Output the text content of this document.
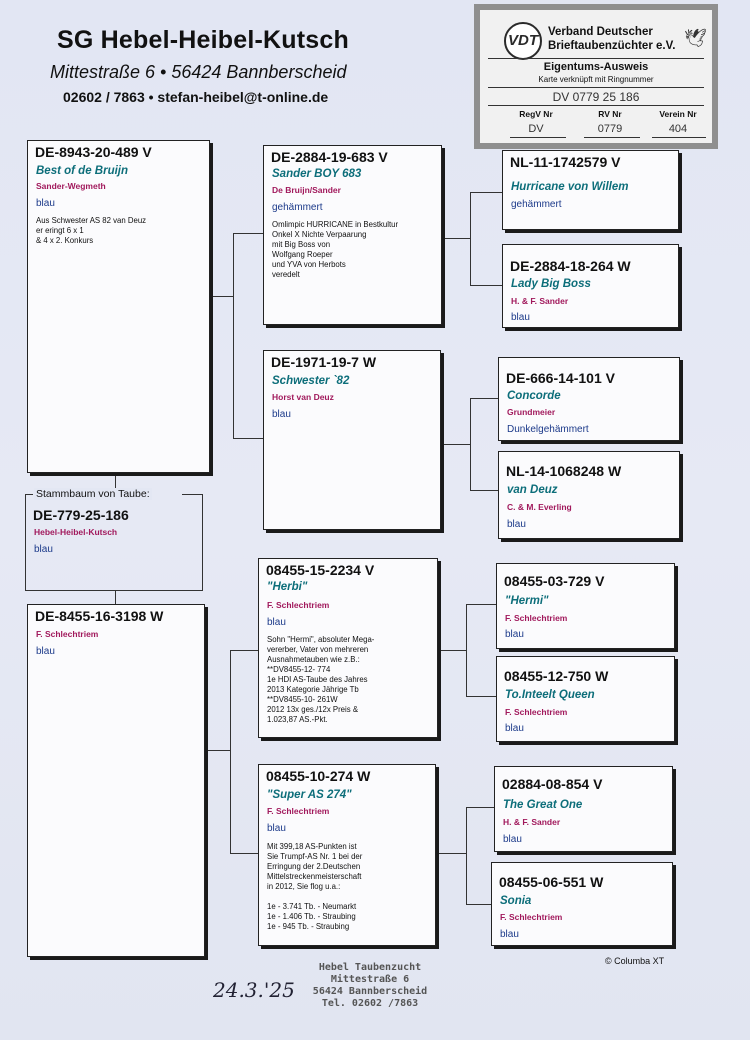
SG Hebel-Heibel-Kutsch
Mittestraße 6 • 56424 Bannberscheid
02602 / 7863 • stefan-heibel@t-online.de
VDT Verband Deutscher
Brieftaubenzüchter e.V. 🕊
Eigentums-Ausweis
Karte verknüpft mit Ringnummer
DV 0779 25 186
RegV Nr	RV Nr	Verein Nr
DV	0779	404
Stammbaum von Taube:
DE-779-25-186
Hebel-Heibel-Kutsch
blau
DE-8943-20-489 V
Best of de Bruijn
Sander-Wegmeth
blau
Aus Schwester AS 82 van Deuz
er eringt 6 x 1
& 4 x 2. Konkurs
DE-8455-16-3198 W
F. Schlechtriem
blau
DE-2884-19-683 V
Sander BOY 683
De Bruijn/Sander
gehämmert
Omlimpic HURRICANE in Bestkultur
Onkel X Nichte Verpaarung
mit Big Boss von
Wolfgang Roeper
und YVA von Herbots
veredelt
DE-1971-19-7 W
Schwester `82
Horst van Deuz
blau
08455-15-2234 V
"Herbi"
F. Schlechtriem
blau
Sohn "Hermi", absoluter Mega-
vererber, Vater von mehreren
Ausnahmetauben wie z.B.:
**DV8455-12- 774
1e HDI AS-Taube des Jahres
2013 Kategorie Jährige Tb
**DV8455-10- 261W
2012 13x ges./12x Preis &
1.023,87 AS.-Pkt.
08455-10-274 W
"Super AS 274"
F. Schlechtriem
blau
Mit 399,18 AS-Punkten ist
Sie Trumpf-AS Nr. 1 bei der
Erringung der 2.Deutschen
Mittelstreckenmeisterschaft
in 2012, Sie flog u.a.:

1e - 3.741 Tb. - Neumarkt
1e - 1.406 Tb. - Straubing
1e - 945 Tb. - Straubing
NL-11-1742579 V
Hurricane von Willem
gehämmert
DE-2884-18-264 W
Lady Big Boss
H. & F. Sander
blau
DE-666-14-101 V
Concorde
Grundmeier
Dunkelgehämmert
NL-14-1068248 W
van Deuz
C. & M. Everling
blau
08455-03-729 V
"Hermi"
F. Schlechtriem
blau
08455-12-750 W
To.Inteelt Queen
F. Schlechtriem
blau
02884-08-854 V
The Great One
H. & F. Sander
blau
08455-06-551 W
Sonia
F. Schlechtriem
blau
© Columba XT
Hebel Taubenzucht
Mittestraße 6
56424 Bannberscheid
Tel. 02602 /7863
24.3.'25
